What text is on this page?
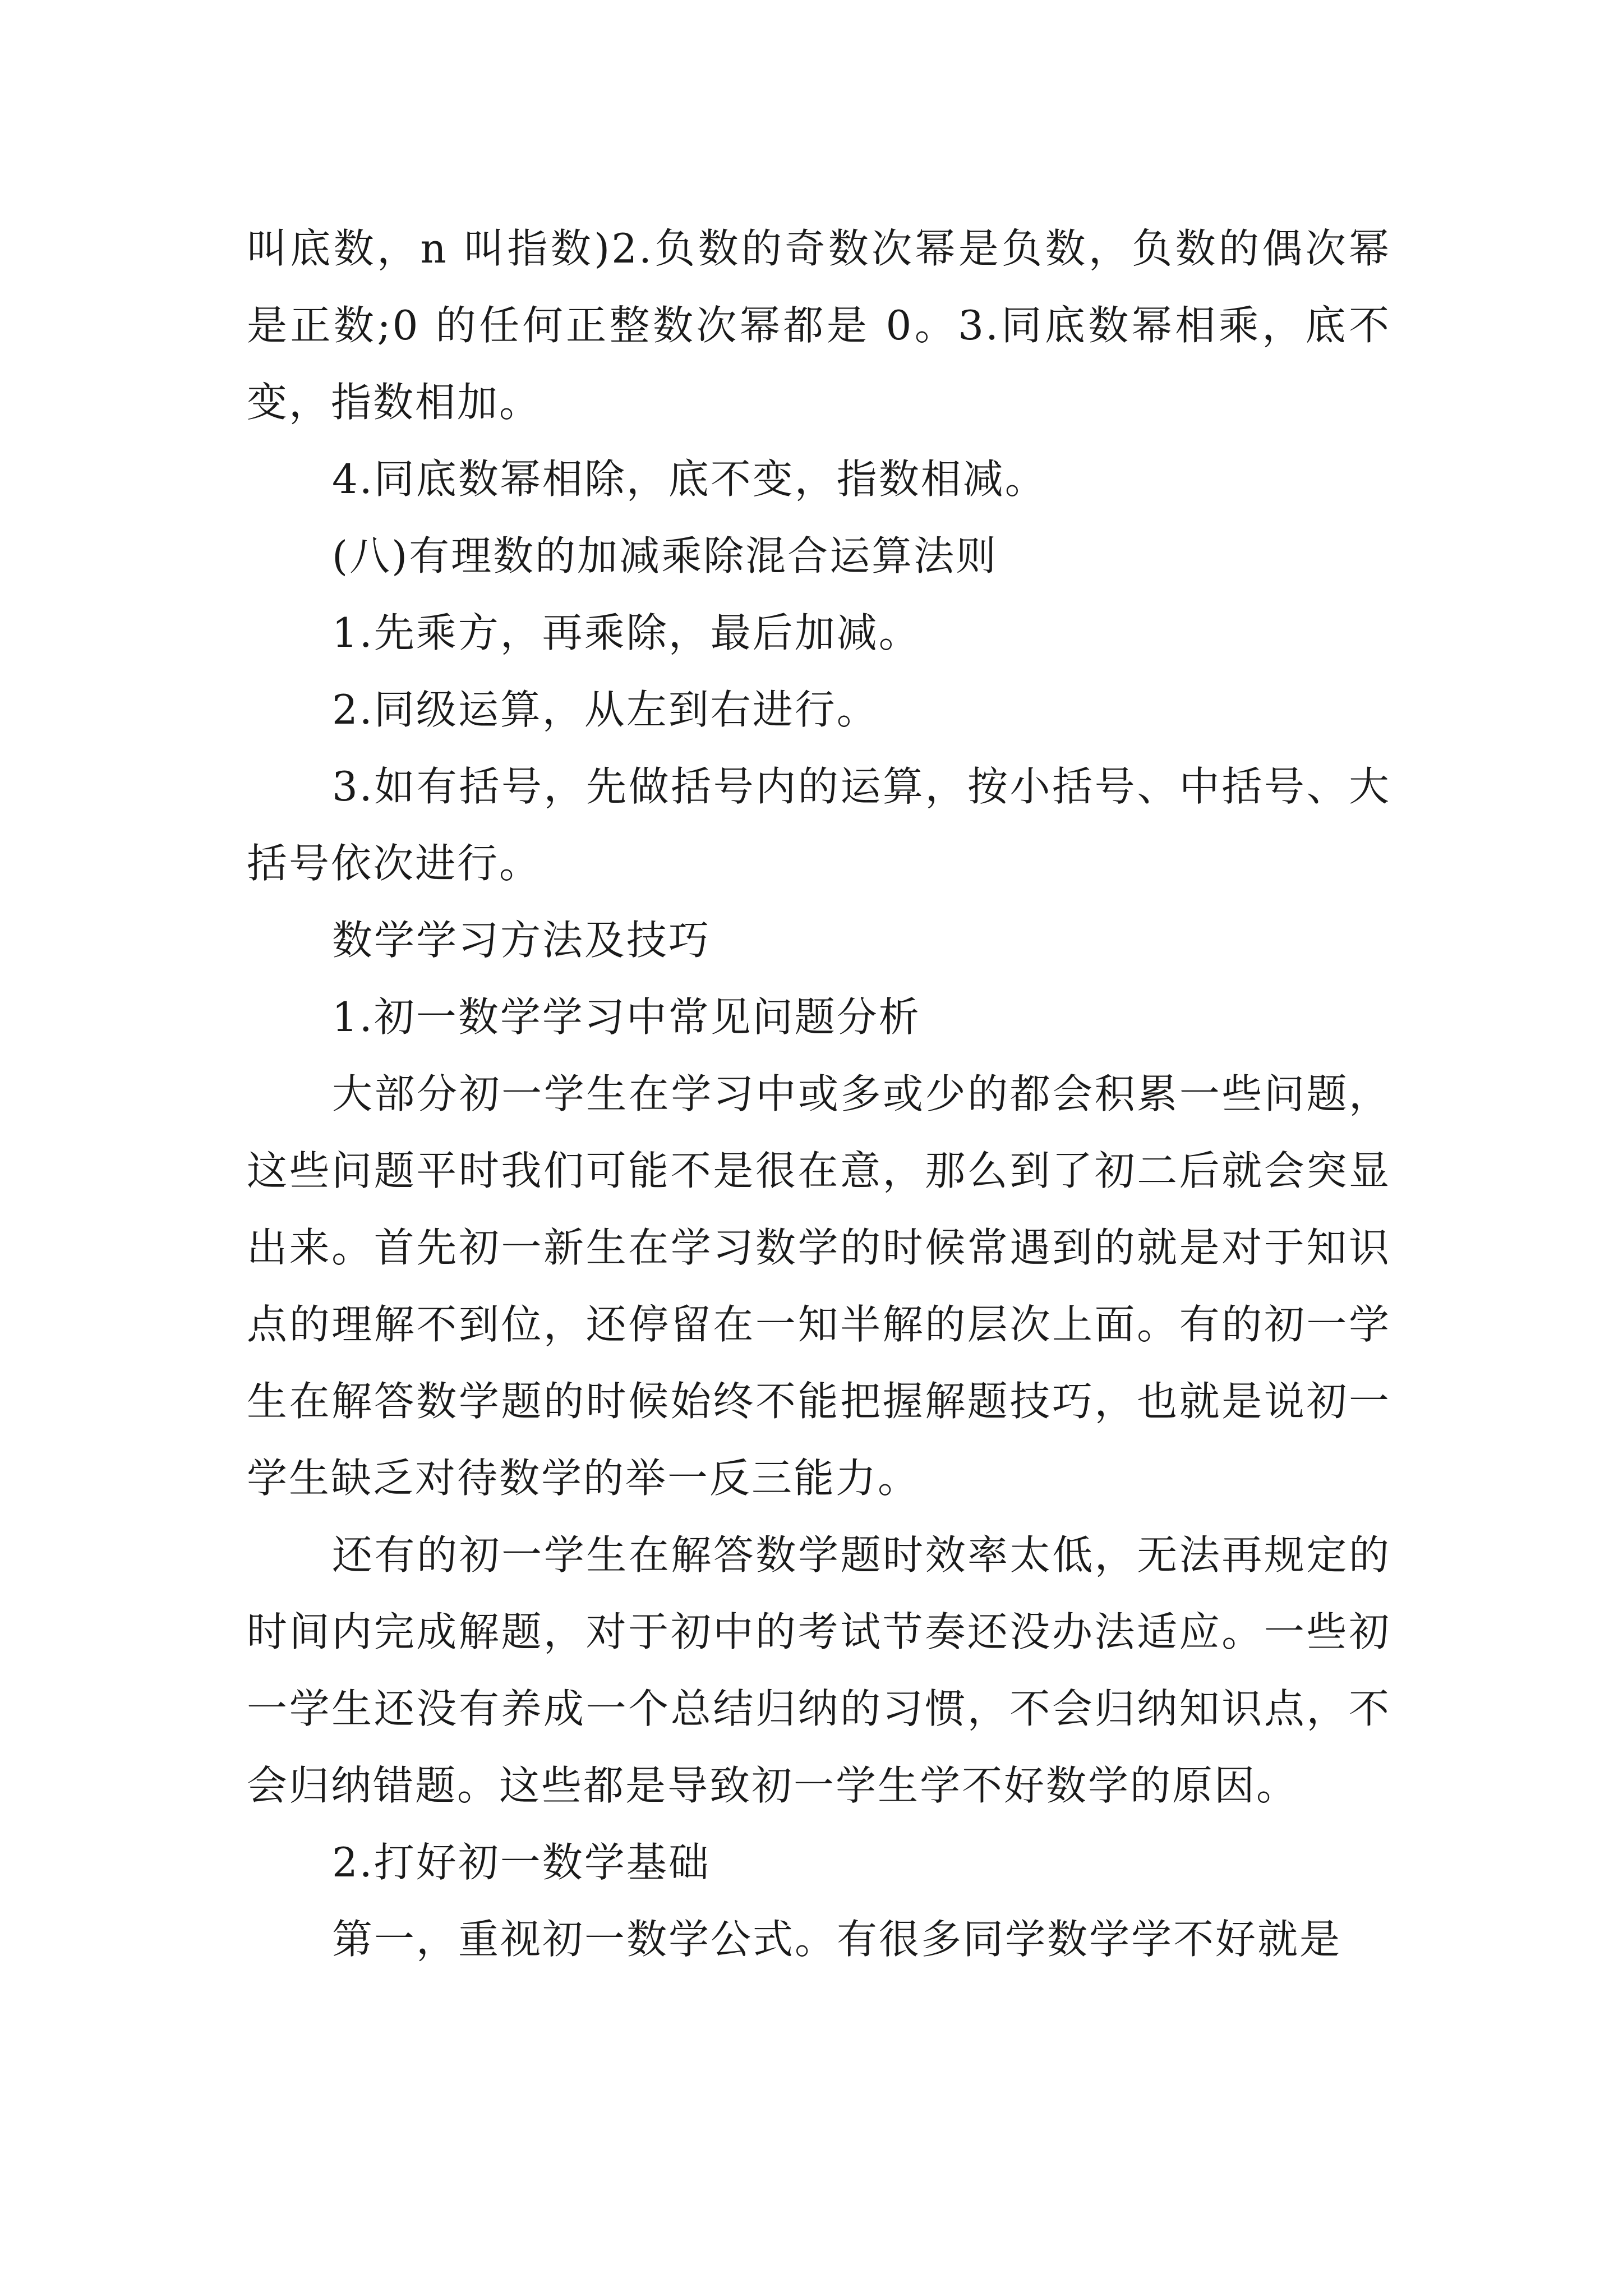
叫底数，n 叫指数)2.负数的奇数次幂是负数，负数的偶次幂是正数;0 的任何正整数次幂都是 0。3.同底数幂相乘，底不变，指数相加。

4.同底数幂相除，底不变，指数相减。

(八)有理数的加减乘除混合运算法则

1.先乘方，再乘除，最后加减。

2.同级运算，从左到右进行。

3.如有括号，先做括号内的运算，按小括号、中括号、大括号依次进行。

数学学习方法及技巧

1.初一数学学习中常见问题分析

大部分初一学生在学习中或多或少的都会积累一些问题，这些问题平时我们可能不是很在意，那么到了初二后就会突显出来。首先初一新生在学习数学的时候常遇到的就是对于知识点的理解不到位，还停留在一知半解的层次上面。有的初一学生在解答数学题的时候始终不能把握解题技巧，也就是说初一学生缺乏对待数学的举一反三能力。

还有的初一学生在解答数学题时效率太低，无法再规定的时间内完成解题，对于初中的考试节奏还没办法适应。一些初一学生还没有养成一个总结归纳的习惯，不会归纳知识点，不会归纳错题。这些都是导致初一学生学不好数学的原因。

2.打好初一数学基础

第一，重视初一数学公式。有很多同学数学学不好就是
